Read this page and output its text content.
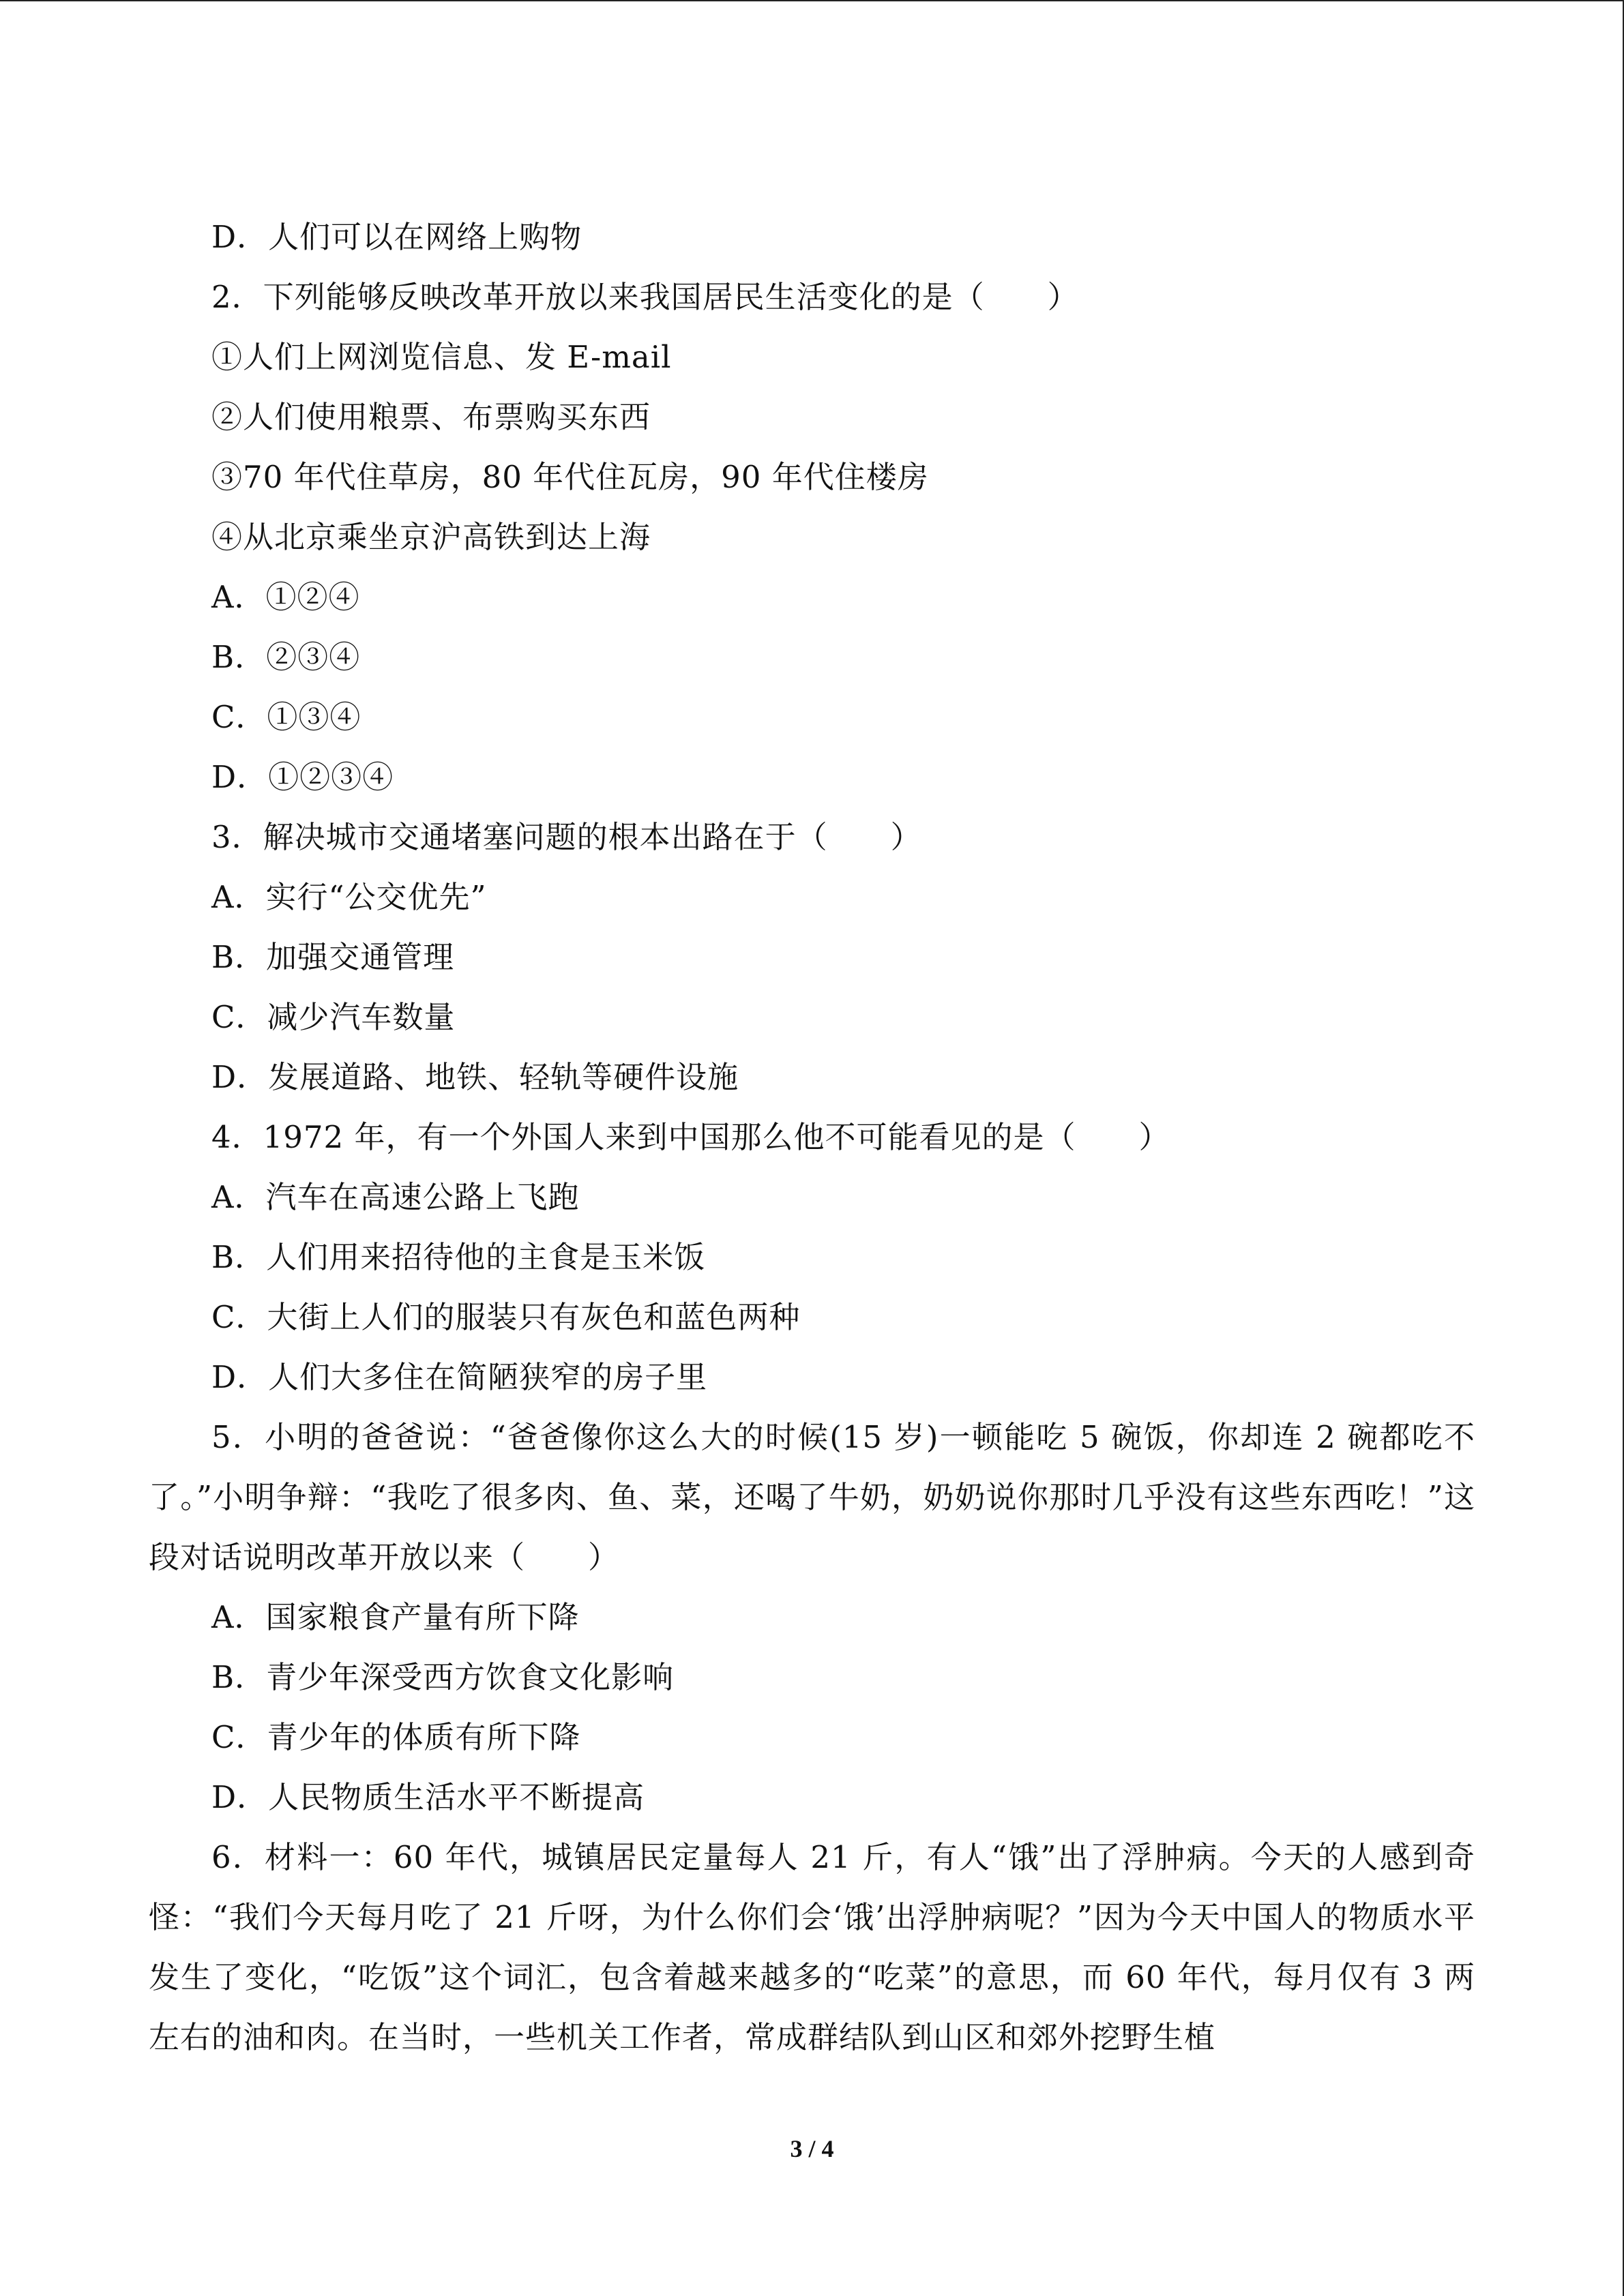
D．人们可以在网络上购物
2．下列能够反映改革开放以来我国居民生活变化的是（　　）
①人们上网浏览信息、发 E-mail
②人们使用粮票、布票购买东西
③70 年代住草房，80 年代住瓦房，90 年代住楼房
④从北京乘坐京沪高铁到达上海
A．①②④
B．②③④
C．①③④
D．①②③④
3．解决城市交通堵塞问题的根本出路在于（　　）
A．实行“公交优先”
B．加强交通管理
C．减少汽车数量
D．发展道路、地铁、轻轨等硬件设施
4．1972 年，有一个外国人来到中国那么他不可能看见的是（　　）
A．汽车在高速公路上飞跑
B．人们用来招待他的主食是玉米饭
C．大街上人们的服装只有灰色和蓝色两种
D．人们大多住在简陋狭窄的房子里
5．小明的爸爸说：“爸爸像你这么大的时候(15 岁)一顿能吃 5 碗饭，你却连 2 碗都吃不了。”小明争辩：“我吃了很多肉、鱼、菜，还喝了牛奶，奶奶说你那时几乎没有这些东西吃！”这段对话说明改革开放以来（　　）
A．国家粮食产量有所下降
B．青少年深受西方饮食文化影响
C．青少年的体质有所下降
D．人民物质生活水平不断提高
6．材料一：60 年代，城镇居民定量每人 21 斤，有人“饿”出了浮肿病。今天的人感到奇怪：“我们今天每月吃了 21 斤呀，为什么你们会‘饿’出浮肿病呢？”因为今天中国人的物质水平发生了变化，“吃饭”这个词汇，包含着越来越多的“吃菜”的意思，而 60 年代，每月仅有 3 两左右的油和肉。在当时，一些机关工作者，常成群结队到山区和郊外挖野生植
3 / 4
